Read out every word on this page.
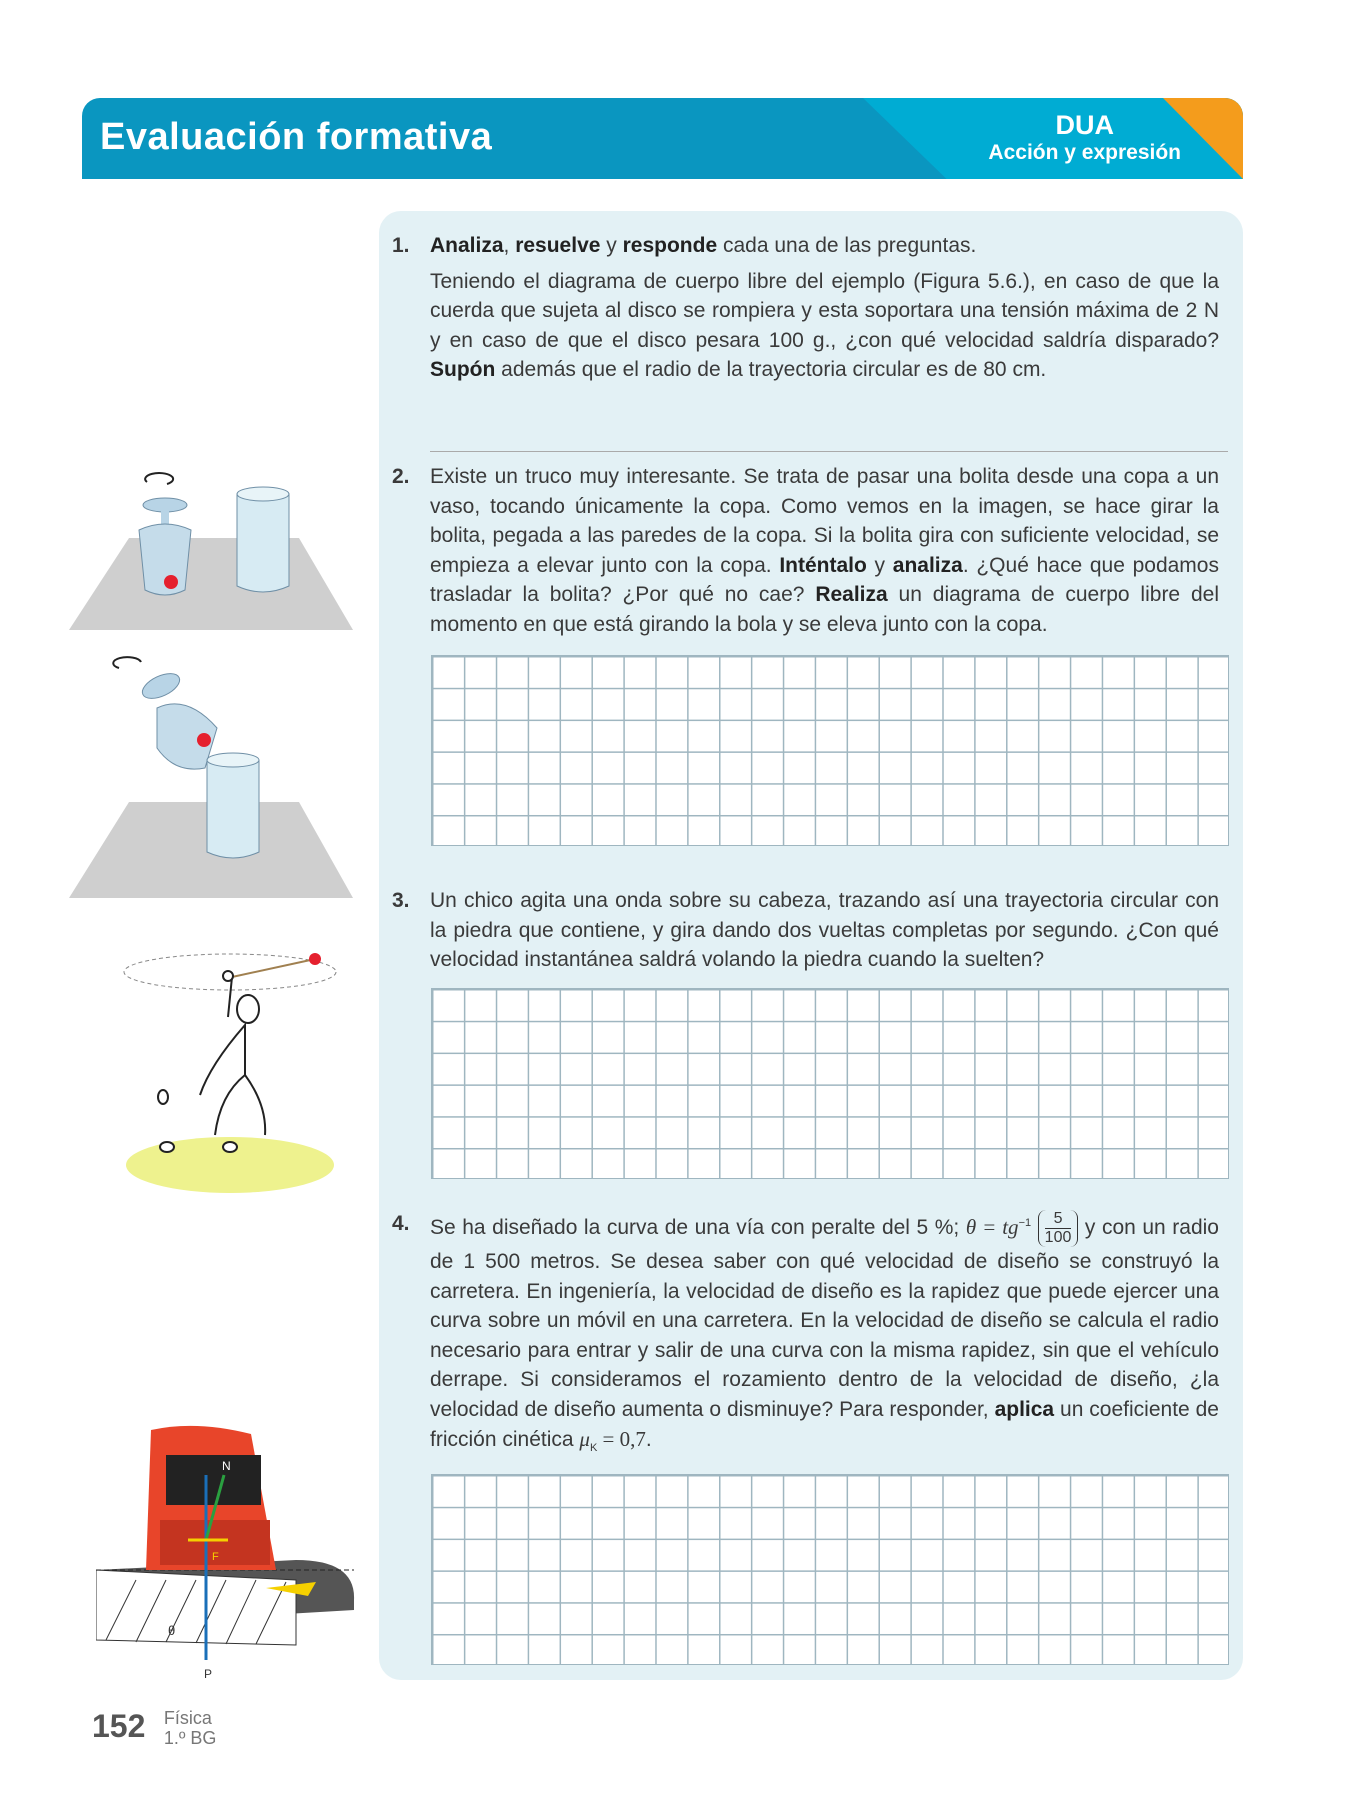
Evaluación formativa	DUA
Acción y expresión
N
P
θ
F
1. Analiza, resuelve y responde cada una de las preguntas.
Teniendo el diagrama de cuerpo libre del ejemplo (Figura 5.6.), en caso de que la cuerda que sujeta al disco se rompiera y esta soportara una tensión máxima de 2 N y en caso de que el disco pesara 100 g., ¿con qué velocidad saldría disparado? Supón además que el radio de la trayectoria circular es de 80 cm.
2. Existe un truco muy interesante. Se trata de pasar una bolita desde una copa a un vaso, tocando únicamente la copa. Como vemos en la imagen, se hace girar la bolita, pegada a las paredes de la copa. Si la bolita gira con suficiente velocidad, se empieza a elevar junto con la copa. Inténtalo y analiza. ¿Qué hace que podamos trasladar la bolita? ¿Por qué no cae? Realiza un diagrama de cuerpo libre del momento en que está girando la bola y se eleva junto con la copa.
3. Un chico agita una onda sobre su cabeza, trazando así una trayectoria circular con la piedra que contiene, y gira dando dos vueltas completas por segundo. ¿Con qué velocidad instantánea saldrá volando la piedra cuando la suelten?
4. Se ha diseñado la curva de una vía con peralte del 5 %; $\theta = tg^{-1} \frac{5}{100}$ y con un radio de 1 500 metros. Se desea saber con qué velocidad de diseño se construyó la carretera. En ingeniería, la velocidad de diseño es la rapidez que puede ejercer una curva sobre un móvil en una carretera. En la velocidad de diseño se calcula el radio necesario para entrar y salir de una curva con la misma rapidez, sin que el vehículo derrape. Si consideramos el rozamiento dentro de la velocidad de diseño, ¿la velocidad de diseño aumenta o disminuye? Para responder, aplica un coeficiente de fricción cinética $\mu_K = 0,7$.
152 Física
1.º BG
